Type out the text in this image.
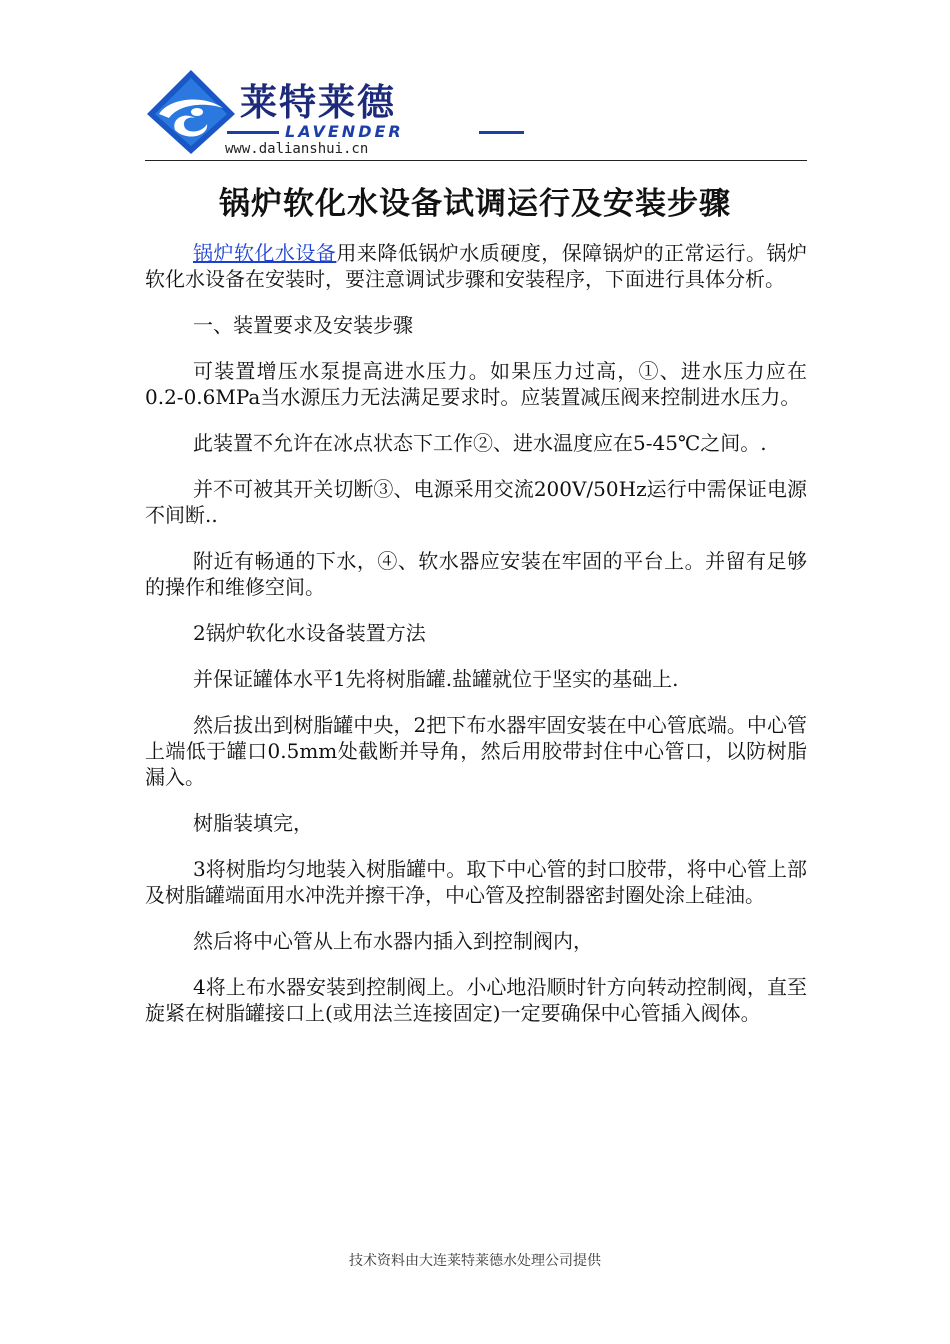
莱特莱德
LAVENDER
www.dalianshui.cn
锅炉软化水设备试调运行及安装步骤

锅炉软化水设备用来降低锅炉水质硬度，保障锅炉的正常运行。锅炉软化水设备在安装时，要注意调试步骤和安装程序，下面进行具体分析。

一、装置要求及安装步骤

可装置增压水泵提高进水压力。如果压力过高，①、进水压力应在0.2-0.6MPa当水源压力无法满足要求时。应装置减压阀来控制进水压力。

此装置不允许在冰点状态下工作②、进水温度应在5-45℃之间。.

并不可被其开关切断③、电源采用交流200V/50Hz运行中需保证电源不间断..

附近有畅通的下水，④、软水器应安装在牢固的平台上。并留有足够的操作和维修空间。

2锅炉软化水设备装置方法

并保证罐体水平1先将树脂罐.盐罐就位于坚实的基础上.

然后拔出到树脂罐中央，2把下布水器牢固安装在中心管底端。中心管上端低于罐口0.5mm处截断并导角，然后用胶带封住中心管口，以防树脂漏入。

树脂装填完，

3将树脂均匀地装入树脂罐中。取下中心管的封口胶带，将中心管上部及树脂罐端面用水冲洗并擦干净，中心管及控制器密封圈处涂上硅油。

然后将中心管从上布水器内插入到控制阀内，

4将上布水器安装到控制阀上。小心地沿顺时针方向转动控制阀，直至旋紧在树脂罐接口上(或用法兰连接固定)一定要确保中心管插入阀体。

技术资料由大连莱特莱德水处理公司提供
